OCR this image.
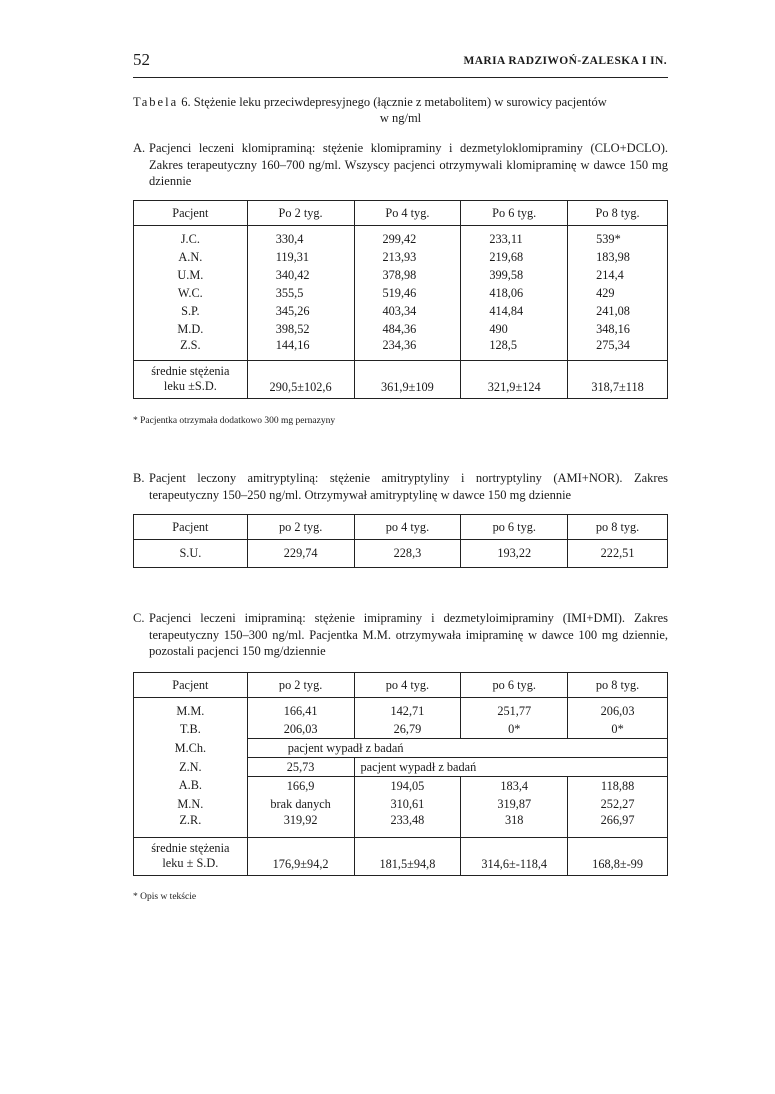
52	MARIA RADZIWOŃ-ZALESKA I IN.
Tabela 6. Stężenie leku przeciwdepresyjnego (łącznie z metabolitem) w surowicy pacjentów
w ng/ml
A. Pacjenci leczeni klomipraminą: stężenie klomipraminy i dezmetyloklomipraminy (CLO+DCLO). Zakres terapeutyczny 160–700 ng/ml. Wszyscy pacjenci otrzymywali klomipraminę w dawce 150 mg dziennie
Pacjent	Po 2 tyg.	Po 4 tyg.	Po 6 tyg.	Po 8 tyg.
J.C.	330,4	299,42	233,11	539*
A.N.	119,31	213,93	219,68	183,98
U.M.	340,42	378,98	399,58	214,4
W.C.	355,5	519,46	418,06	429
S.P.	345,26	403,34	414,84	241,08
M.D.	398,52	484,36	490	348,16
Z.S.	144,16	234,36	128,5	275,34

średnie stężenia
leku ±S.D.	290,5±102,6	361,9±109	321,9±124	318,7±118
* Pacjentka otrzymała dodatkowo 300 mg pernazyny
B. Pacjent leczony amitryptyliną: stężenie amitryptyliny i nortryptyliny (AMI+NOR). Zakres terapeutyczny 150–250 ng/ml. Otrzymywał amitryptylinę w dawce 150 mg dziennie
Pacjent	po 2 tyg.	po 4 tyg.	po 6 tyg.	po 8 tyg.
S.U.	229,74	228,3	193,22	222,51
C. Pacjenci leczeni imipraminą: stężenie imipraminy i dezmetyloimipraminy (IMI+DMI). Zakres terapeutyczny 150–300 ng/ml. Pacjentka M.M. otrzymywała imipraminę w dawce 100 mg dziennie, pozostali pacjenci 150 mg/dziennie
Pacjent	po 2 tyg.	po 4 tyg.	po 6 tyg.	po 8 tyg.
M.M.	166,41	142,71	251,77	206,03
T.B.	206,03	26,79	0*	0*
M.Ch.	pacjent wypadł z badań			
Z.N.	25,73	pacjent wypadł z badań		
A.B.	166,9	194,05	183,4	118,88
M.N.	brak danych	310,61	319,87	252,27
Z.R.	319,92	233,48	318	266,97

średnie stężenia
leku ± S.D.	176,9±94,2	181,5±94,8	314,6±-118,4	168,8±-99
* Opis w tekście
